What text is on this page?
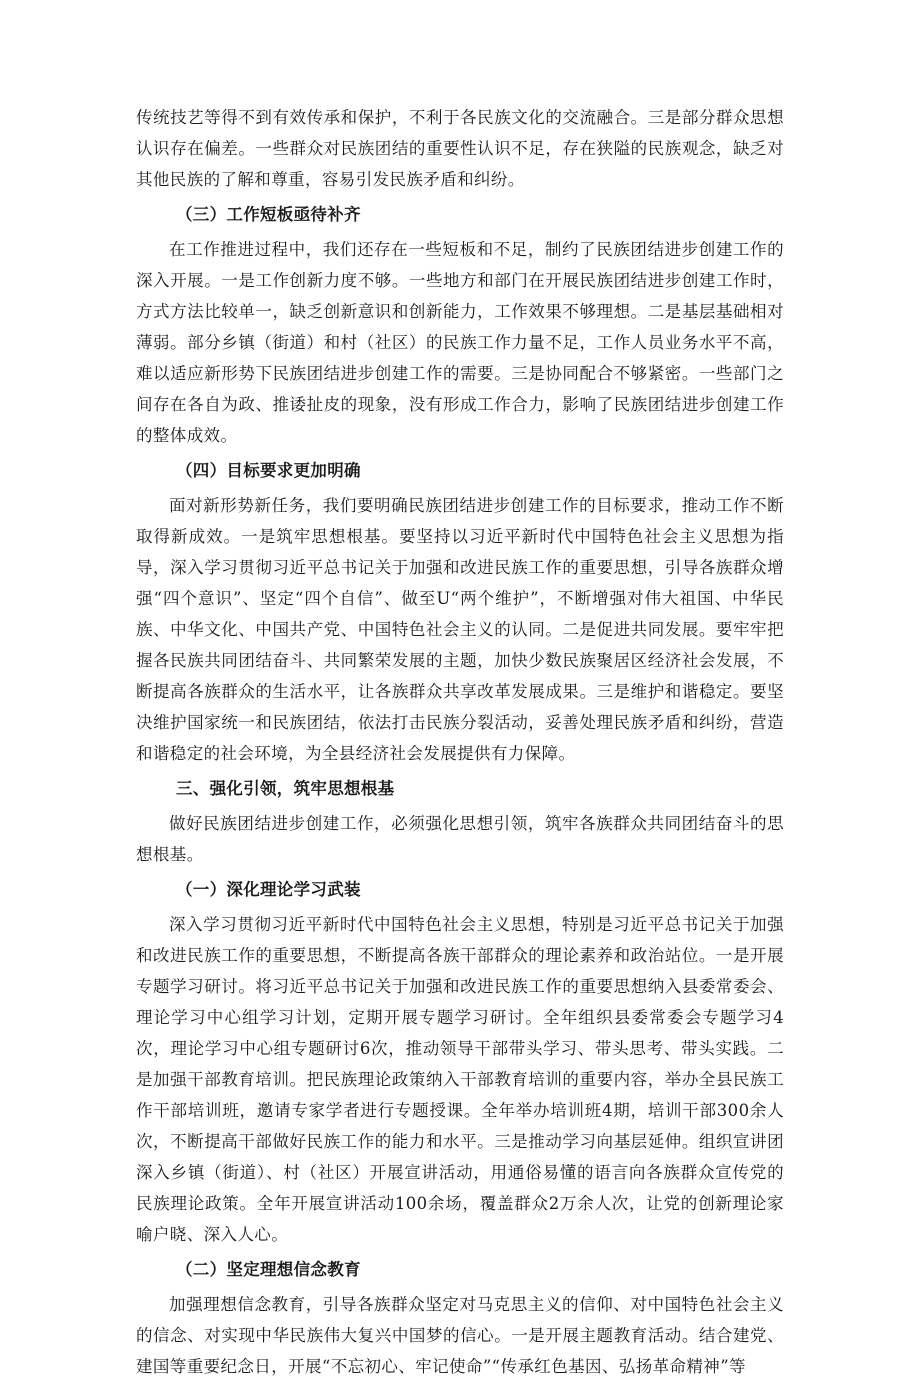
传统技艺等得不到有效传承和保护，不利于各民族文化的交流融合。三是部分群众思想认识存在偏差。一些群众对民族团结的重要性认识不足，存在狭隘的民族观念，缺乏对其他民族的了解和尊重，容易引发民族矛盾和纠纷。

（三）工作短板亟待补齐

在工作推进过程中，我们还存在一些短板和不足，制约了民族团结进步创建工作的深入开展。一是工作创新力度不够。一些地方和部门在开展民族团结进步创建工作时，方式方法比较单一，缺乏创新意识和创新能力，工作效果不够理想。二是基层基础相对薄弱。部分乡镇（街道）和村（社区）的民族工作力量不足，工作人员业务水平不高，难以适应新形势下民族团结进步创建工作的需要。三是协同配合不够紧密。一些部门之间存在各自为政、推诿扯皮的现象，没有形成工作合力，影响了民族团结进步创建工作的整体成效。

（四）目标要求更加明确

面对新形势新任务，我们要明确民族团结进步创建工作的目标要求，推动工作不断取得新成效。一是筑牢思想根基。要坚持以习近平新时代中国特色社会主义思想为指导，深入学习贯彻习近平总书记关于加强和改进民族工作的重要思想，引导各族群众增强“四个意识”、坚定“四个自信”、做至U“两个维护”，不断增强对伟大祖国、中华民族、中华文化、中国共产党、中国特色社会主义的认同。二是促进共同发展。要牢牢把握各民族共同团结奋斗、共同繁荣发展的主题，加快少数民族聚居区经济社会发展，不断提高各族群众的生活水平，让各族群众共享改革发展成果。三是维护和谐稳定。要坚决维护国家统一和民族团结，依法打击民族分裂活动，妥善处理民族矛盾和纠纷，营造和谐稳定的社会环境，为全县经济社会发展提供有力保障。

三、强化引领，筑牢思想根基

做好民族团结进步创建工作，必须强化思想引领，筑牢各族群众共同团结奋斗的思想根基。

（一）深化理论学习武装

深入学习贯彻习近平新时代中国特色社会主义思想，特别是习近平总书记关于加强和改进民族工作的重要思想，不断提高各族干部群众的理论素养和政治站位。一是开展专题学习研讨。将习近平总书记关于加强和改进民族工作的重要思想纳入县委常委会、理论学习中心组学习计划，定期开展专题学习研讨。全年组织县委常委会专题学习4次，理论学习中心组专题研讨6次，推动领导干部带头学习、带头思考、带头实践。二是加强干部教育培训。把民族理论政策纳入干部教育培训的重要内容，举办全县民族工作干部培训班，邀请专家学者进行专题授课。全年举办培训班4期，培训干部300余人次，不断提高干部做好民族工作的能力和水平。三是推动学习向基层延伸。组织宣讲团深入乡镇（街道）、村（社区）开展宣讲活动，用通俗易懂的语言向各族群众宣传党的民族理论政策。全年开展宣讲活动100余场，覆盖群众2万余人次，让党的创新理论家喻户晓、深入人心。

（二）坚定理想信念教育

加强理想信念教育，引导各族群众坚定对马克思主义的信仰、对中国特色社会主义的信念、对实现中华民族伟大复兴中国梦的信心。一是开展主题教育活动。结合建党、建国等重要纪念日，开展“不忘初心、牢记使命”“传承红色基因、弘扬革命精神”等
